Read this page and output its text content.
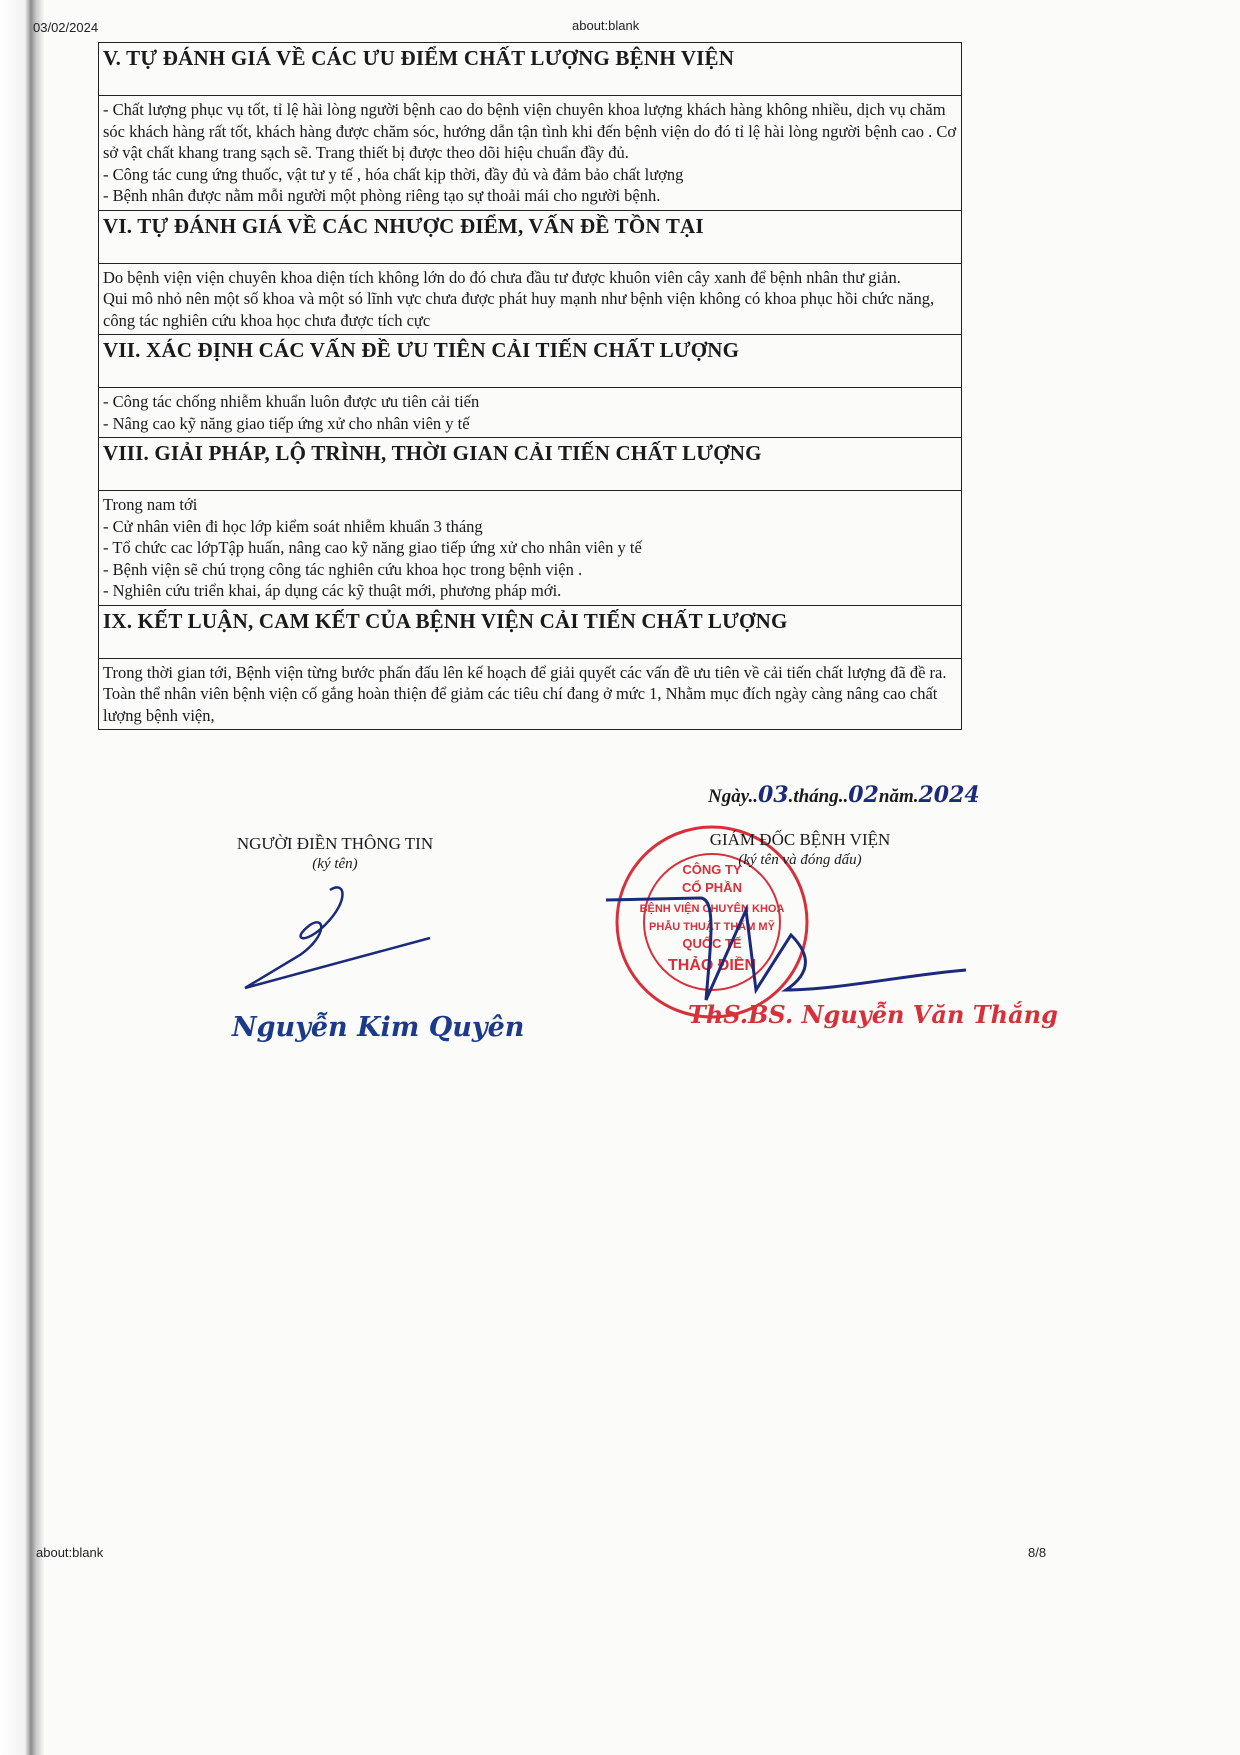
03/02/2024	about:blank
V. TỰ ĐÁNH GIÁ VỀ CÁC ƯU ĐIỂM CHẤT LƯỢNG BỆNH VIỆN

- Chất lượng phục vụ tốt, tỉ lệ hài lòng người bệnh cao do bệnh viện chuyên khoa lượng khách hàng không nhiều, dịch vụ chăm sóc khách hàng rất tốt, khách hàng được chăm sóc, hướng dẫn tận tình khi đến bệnh viện do đó tỉ lệ hài lòng người bệnh cao . Cơ sở vật chất khang trang sạch sẽ. Trang thiết bị được theo dõi hiệu chuẩn đầy đủ.
- Công tác cung ứng thuốc, vật tư y tế , hóa chất kịp thời, đầy đủ và đảm bảo chất lượng
- Bệnh nhân được nằm mỗi người một phòng riêng tạo sự thoải mái cho người bệnh.

VI. TỰ ĐÁNH GIÁ VỀ CÁC NHƯỢC ĐIỂM, VẤN ĐỀ TỒN TẠI

Do bệnh viện viện chuyên khoa diện tích không lớn do đó chưa đầu tư được khuôn viên cây xanh để bệnh nhân thư giản.
Qui mô nhỏ nên một số khoa và một só lĩnh vực chưa được phát huy mạnh như bệnh viện không có khoa phục hồi chức năng, công tác nghiên cứu khoa học chưa được tích cực

VII. XÁC ĐỊNH CÁC VẤN ĐỀ ƯU TIÊN CẢI TIẾN CHẤT LƯỢNG

- Công tác chống nhiễm khuẩn luôn được ưu tiên cải tiến
- Nâng cao kỹ năng giao tiếp ứng xử cho nhân viên y tế

VIII. GIẢI PHÁP, LỘ TRÌNH, THỜI GIAN CẢI TIẾN CHẤT LƯỢNG

Trong nam tới
- Cử nhân viên đi học lớp kiểm soát nhiễm khuẩn 3 tháng
- Tổ chức cac lớpTập huấn, nâng cao kỹ năng giao tiếp ứng xử cho nhân viên y tế
- Bệnh viện sẽ chú trọng công tác nghiên cứu khoa học trong bệnh viện .
- Nghiên cứu triển khai, áp dụng các kỹ thuật mới, phương pháp mới.

IX. KẾT LUẬN, CAM KẾT CỦA BỆNH VIỆN CẢI TIẾN CHẤT LƯỢNG

Trong thời gian tới, Bệnh viện từng bước phấn đấu lên kế hoạch để giải quyết các vấn đề ưu tiên về cải tiến chất lượng đã đề ra. Toàn thể nhân viên bệnh viện cố gắng hoàn thiện để giảm các tiêu chí đang ở mức 1, Nhằm mục đích ngày càng nâng cao chất lượng bệnh viện,
Ngày..03.tháng..02năm.2024
NGƯỜI ĐIỀN THÔNG TIN
(ký tên)
Nguyễn Kim Quyên
CÔNG TY
CỔ PHẦN
BỆNH VIỆN CHUYÊN KHOA
PHẪU THUẬT THẨM MỸ
QUỐC TẾ
THẢO ĐIỀN
GIÁM ĐỐC BỆNH VIỆN
(ký tên và đóng dấu)
ThS.BS. Nguyễn Văn Thắng
about:blank	8/8
